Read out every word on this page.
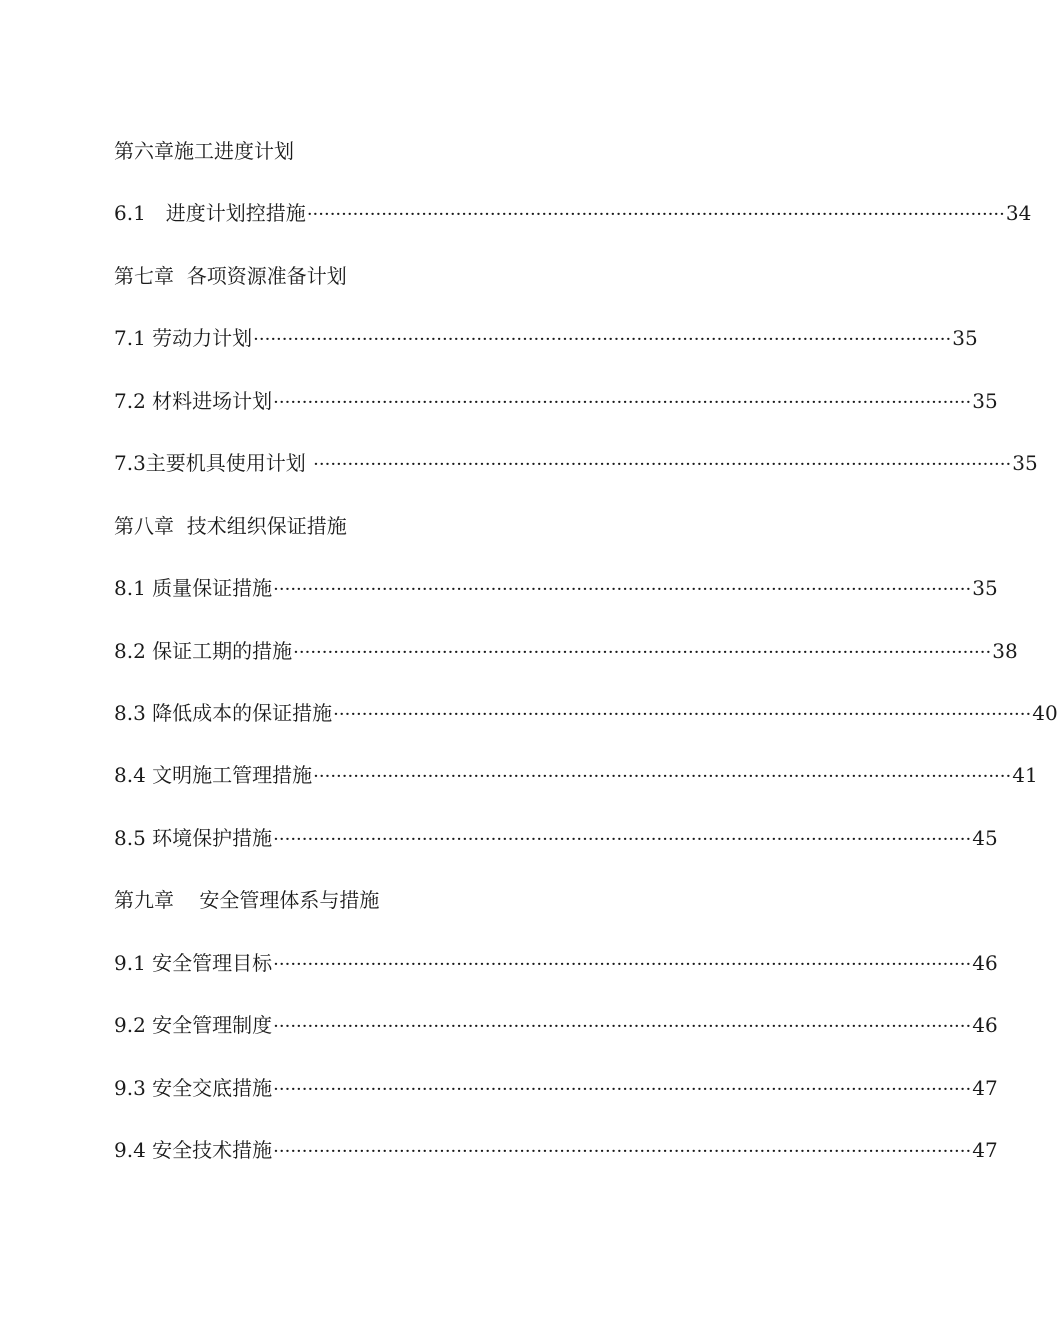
第六章施工进度计划
6.1　进度计划控措施 ·························································································································· 34
第七章  各项资源准备计划
7.1 劳动力计划 ·························································································································· 35
7.2 材料进场计划 ·························································································································· 35
7.3主要机具使用计划 ·························································································································· 35
第八章  技术组织保证措施
8.1 质量保证措施 ·························································································································· 35
8.2 保证工期的措施 ·························································································································· 38
8.3 降低成本的保证措施 ·························································································································· 40
8.4 文明施工管理措施 ·························································································································· 41
8.5 环境保护措施 ·························································································································· 45
第九章    安全管理体系与措施
9.1 安全管理目标 ·························································································································· 46
9.2 安全管理制度 ·························································································································· 46
9.3 安全交底措施 ·························································································································· 47
9.4 安全技术措施 ·························································································································· 47
